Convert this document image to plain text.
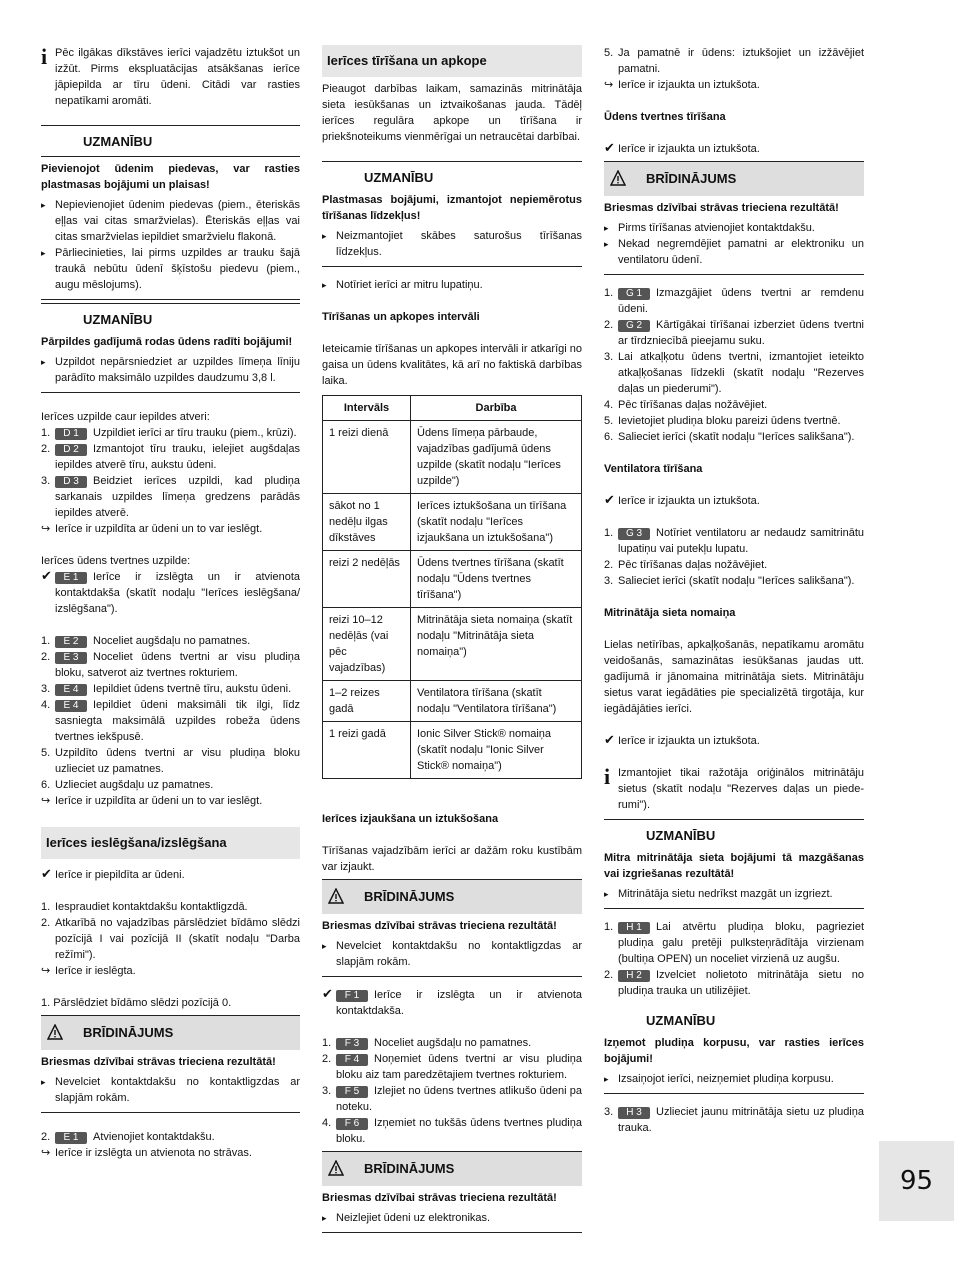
i Pēc ilgākas dīkstāves ierīci vajadzētu iztukšot un izžūt. Pirms ekspluatācijas atsākšanas ierīce jāpiepilda ar tīru ūdeni. Citādi var rasties nepatīkami aromāti.

UZMANĪBU

Pievienojot ūdenim piedevas, var rasties plastmasas bojājumi un plaisas!

▸ Nepievienojiet ūdenim piedevas (piem., ēteriskās eļļas vai citas smaržvielas). Ēteriskās eļļas vai citas smaržvielas iepildiet smaržvielu flakonā.

▸ Pārliecinieties, lai pirms uzpildes ar trauku šajā traukā nebūtu ūdenī šķīstošu piedevu (piem., augu mēslojums).

UZMANĪBU

Pārpildes gadījumā rodas ūdens radīti bojājumi!

▸ Uzpildot nepārsniedziet ar uzpildes līmeņa līniju parādīto maksimālo uzpildes daudzumu 3,8 l.

Ierīces uzpilde caur iepildes atveri:

1. D 1 Uzpildiet ierīci ar tīru trauku (piem., krūzi).

2. D 2 Izmantojot tīru trauku, ielejiet augšdaļas iepildes atverē tīru, aukstu ūdeni.

3. D 3 Beidziet ierīces uzpildi, kad pludiņa sarkanais uzpildes līmeņa gredzens parādās iepildes atverē.

↪ Ierīce ir uzpildīta ar ūdeni un to var ieslēgt.

Ierīces ūdens tvertnes uzpilde:

✔ E 1 Ierīce ir izslēgta un ir atvienota kontaktdakša (skatīt nodaļu "Ierīces ieslēgšana/ izslēgšana").

1. E 2 Noceliet augšdaļu no pamatnes.

2. E 3 Noceliet ūdens tvertni ar visu pludiņa bloku, satverot aiz tvertnes rokturiem.

3. E 4 Iepildiet ūdens tvertnē tīru, aukstu ūdeni.

4. E 4 Iepildiet ūdeni maksimāli tik ilgi, līdz sasniegta maksimālā uzpildes robeža ūdens tvertnes iekšpusē.

5. Uzpildīto ūdens tvertni ar visu pludiņa bloku uzlieciet uz pamatnes.

6. Uzlieciet augšdaļu uz pamatnes.

↪ Ierīce ir uzpildīta ar ūdeni un to var ieslēgt.

Ierīces ieslēgšana/izslēgšana

✔ Ierīce ir piepildīta ar ūdeni.

1. Iespraudiet kontaktdakšu kontaktligzdā.

2. Atkarībā no vajadzības pārslēdziet bīdāmo slēdzi pozīcijā I vai pozīcijā II (skatīt nodaļu "Darba režīmi").

↪ Ierīce ir ieslēgta.

1. Pārslēdziet bīdāmo slēdzi pozīcijā 0.

BRĪDINĀJUMS

Briesmas dzīvībai strāvas trieciena rezultātā!

▸ Nevelciet kontaktdakšu no kontaktligzdas ar slapjām rokām.

2. E 1 Atvienojiet kontaktdakšu.

↪ Ierīce ir izslēgta un atvienota no strāvas.

Ierīces tīrīšana un apkope

Pieaugot darbības laikam, samazinās mitrinātāja sieta iesūkšanas un iztvaikošanas jauda. Tādēļ ierīces regulāra apkope un tīrīšana ir priekšnoteikums vienmērīgai un netraucētai darbībai.

UZMANĪBU

Plastmasas bojājumi, izmantojot nepiemērotus tīrīšanas līdzekļus!

▸ Neizmantojiet skābes saturošus tīrīšanas līdzekļus.

▸ Notīriet ierīci ar mitru lupatiņu.

Tīrīšanas un apkopes intervāli

Ieteicamie tīrīšanas un apkopes intervāli ir atkarīgi no gaisa un ūdens kvalitātes, kā arī no faktiskā darbības laika.

Intervāls	Darbība
1 reizi dienā	Ūdens līmeņa pārbaude, vajadzības gadījumā ūdens uzpilde (skatīt nodaļu "Ierīces uzpilde")
sākot no 1 nedēļu ilgas dīkstāves	Ierīces iztukšošana un tīrīšana (skatīt nodaļu "Ierīces izjaukšana un iztukšošana")
reizi 2 nedēļās	Ūdens tvertnes tīrīšana (skatīt nodaļu "Ūdens tvertnes tīrīšana")
reizi 10–12 nedēļās (vai pēc vajadzības)	Mitrinātāja sieta nomaiņa (skatīt nodaļu "Mitrinātāja sieta nomaiņa")
1–2 reizes gadā	Ventilatora tīrīšana (skatīt nodaļu "Ventilatora tīrīšana")
1 reizi gadā	Ionic Silver Stick® nomaiņa (skatīt nodaļu "Ionic Silver Stick® nomaiņa")

Ierīces izjaukšana un iztukšošana

Tīrīšanas vajadzībām ierīci ar dažām roku kustībām var izjaukt.

BRĪDINĀJUMS

Briesmas dzīvībai strāvas trieciena rezultātā!

▸ Nevelciet kontaktdakšu no kontaktligzdas ar slapjām rokām.

✔ F 1 Ierīce ir izslēgta un ir atvienota kontaktdakša.

1. F 3 Noceliet augšdaļu no pamatnes.

2. F 4 Noņemiet ūdens tvertni ar visu pludiņa bloku aiz tam paredzētajiem tvertnes rokturiem.

3. F 5 Izlejiet no ūdens tvertnes atlikušo ūdeni pa noteku.

4. F 6 Izņemiet no tukšās ūdens tvertnes pludiņa bloku.

BRĪDINĀJUMS

Briesmas dzīvībai strāvas trieciena rezultātā!

▸ Neizlejiet ūdeni uz elektronikas.

5. Ja pamatnē ir ūdens: iztukšojiet un izžāvējiet pamatni.

↪ Ierīce ir izjaukta un iztukšota.

Ūdens tvertnes tīrīšana

✔ Ierīce ir izjaukta un iztukšota.

BRĪDINĀJUMS

Briesmas dzīvībai strāvas trieciena rezultātā!

▸ Pirms tīrīšanas atvienojiet kontaktdakšu.

▸ Nekad negremdējiet pamatni ar elektroniku un ventilatoru ūdenī.

1. G 1 Izmazgājiet ūdens tvertni ar remdenu ūdeni.

2. G 2 Kārtīgākai tīrīšanai izberziet ūdens tvertni ar tīrdzniecībā pieejamu suku.

3. Lai atkaļķotu ūdens tvertni, izmantojiet ieteikto atkaļķošanas līdzekli (skatīt nodaļu "Rezerves daļas un piederumi").

4. Pēc tīrīšanas daļas nožāvējiet.

5. Ievietojiet pludiņa bloku pareizi ūdens tvertnē.

6. Salieciet ierīci (skatīt nodaļu "Ierīces salikšana").

Ventilatora tīrīšana

✔ Ierīce ir izjaukta un iztukšota.

1. G 3 Notīriet ventilatoru ar nedaudz samitrinātu lupatiņu vai putekļu lupatu.

2. Pēc tīrīšanas daļas nožāvējiet.

3. Salieciet ierīci (skatīt nodaļu "Ierīces salikšana").

Mitrinātāja sieta nomaiņa

Lielas netīrības, apkaļķošanās, nepatīkamu aromātu veidošanās, samazinātas iesūkšanas jaudas utt. gadījumā ir jānomaina mitrinātāja siets. Mitrinātāju sietus varat iegādāties pie specializētā tirgotāja, kur iegādājāties ierīci.

✔ Ierīce ir izjaukta un iztukšota.

i Izmantojiet tikai ražotāja oriģinālos mitrinātāju sietus (skatīt nodaļu "Rezerves daļas un piede-rumi").

UZMANĪBU

Mitra mitrinātāja sieta bojājumi tā mazgāšanas vai izgriešanas rezultātā!

▸ Mitrinātāja sietu nedrīkst mazgāt un izgriezt.

1. H 1 Lai atvērtu pludiņa bloku, pagrieziet pludiņa galu pretēji pulksteņrādītāja virzienam (bultiņa OPEN) un noceliet virzienā uz augšu.

2. H 2 Izvelciet nolietoto mitrinātāja sietu no pludiņa trauka un utilizējiet.

UZMANĪBU

Izņemot pludiņa korpusu, var rasties ierīces bojājumi!

▸ Izsaiņojot ierīci, neizņemiet pludiņa korpusu.

3. H 3 Uzlieciet jaunu mitrinātāja sietu uz pludiņa trauka.

95
